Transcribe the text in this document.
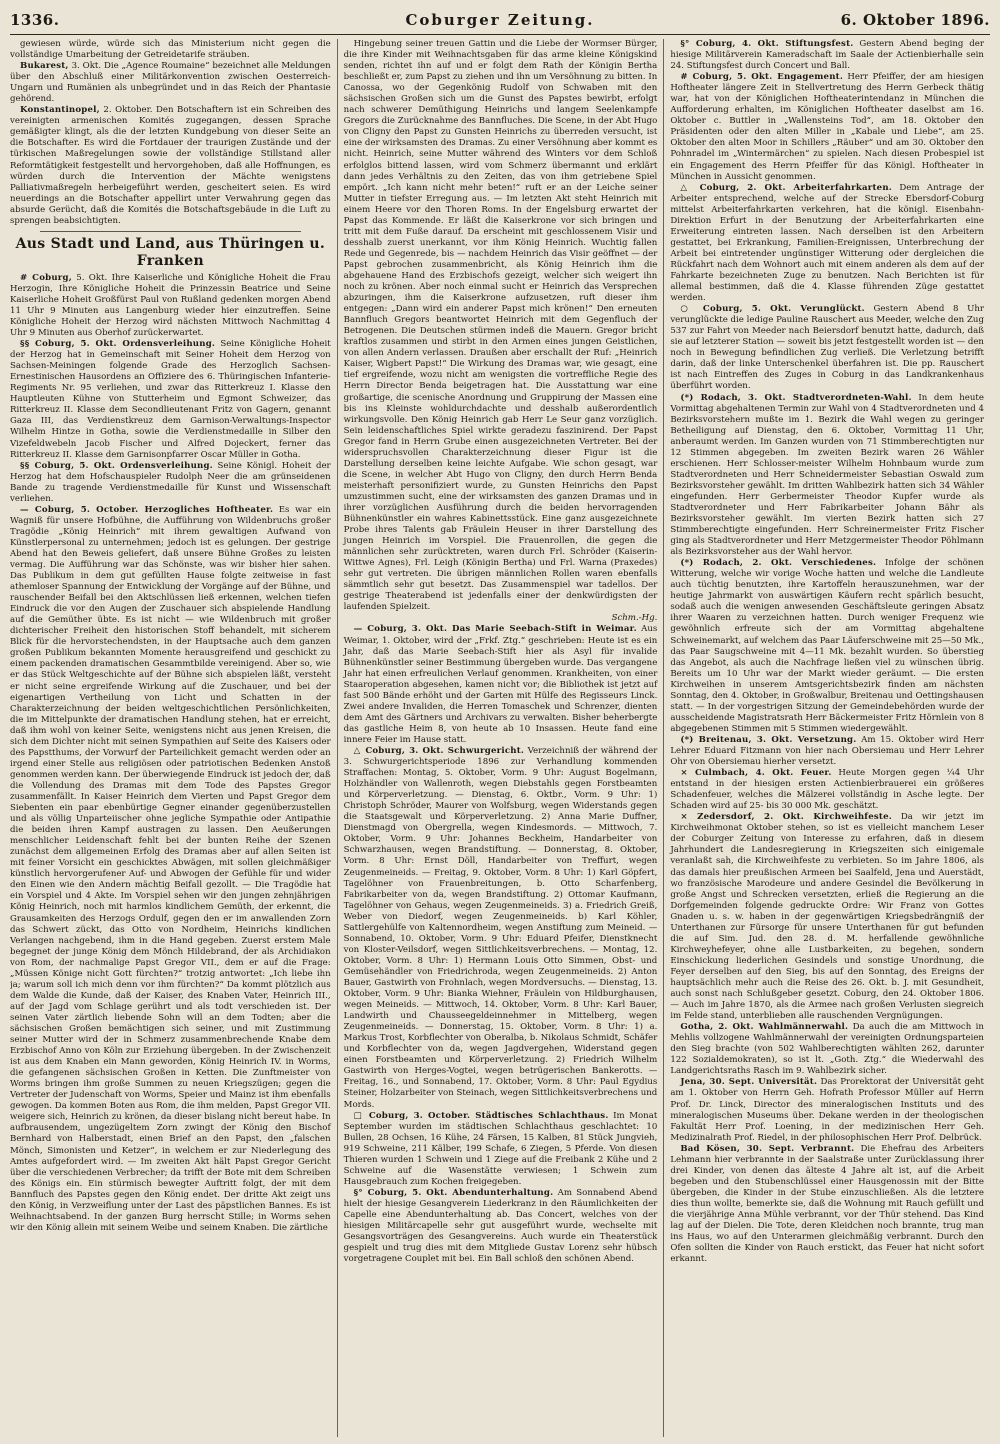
1336.	Coburger Zeitung.	6. Oktober 1896.

gewiesen würde, würde sich das Ministerium nicht gegen die vollständige Umarbeitung der Getreidetarife sträuben.

Bukarest, 3. Okt. Die „Agence Roumaine“ bezeichnet alle Meldungen über den Abschluß einer Militärkonvention zwischen Oesterreich-Ungarn und Rumänien als unbegründet und in das Reich der Phantasie gehörend.

Konstantinopel, 2. Oktober. Den Botschaftern ist ein Schreiben des vereinigten armenischen Komités zugegangen, dessen Sprache gemäßigter klingt, als die der letzten Kundgebung von dieser Seite an die Botschafter. Es wird die Fortdauer der traurigen Zustände und der türkischen Maßregelungen sowie der vollständige Stillstand aller Reformtätigkeit festgestellt und hervorgehoben, daß alle Hoffnungen, es würden durch die Intervention der Mächte wenigstens Palliativmaßregeln herbeigeführt werden, gescheitert seien. Es wird neuerdings an die Botschafter appellirt unter Verwahrung gegen das absurde Gerücht, daß die Komités die Botschaftsgebäude in die Luft zu sprengen beabsichtigten.

Aus Stadt und Land, aus Thüringen u. Franken

# Coburg, 5. Okt. Ihre Kaiserliche und Königliche Hoheit die Frau Herzogin, Ihre Königliche Hoheit die Prinzessin Beatrice und Seine Kaiserliche Hoheit Großfürst Paul von Rußland gedenken morgen Abend 11 Uhr 9 Minuten aus Langenburg wieder hier einzutreffen. Seine Königliche Hoheit der Herzog wird nächsten Mittwoch Nachmittag 4 Uhr 9 Minuten aus Oberhof zurückerwartet.

§§ Coburg, 5. Okt. Ordensverleihung. Seine Königliche Hoheit der Herzog hat in Gemeinschaft mit Seiner Hoheit dem Herzog von Sachsen-Meiningen folgende Grade des Herzoglich Sachsen-Ernestinischen Hausordens an Offiziere des 6. Thüringischen Infanterie-Regiments Nr. 95 verliehen, und zwar das Ritterkreuz I. Klasse den Hauptleuten Kühne von Stutterheim und Egmont Schweizer, das Ritterkreuz II. Klasse dem Secondlieutenant Fritz von Gagern, genannt Gaza III, das Verdienstkreuz dem Garnison-Verwaltungs-Inspector Wilhelm Hintze in Gotha, sowie die Verdienstmedaille in Silber den Vizefeldwebeln Jacob Fischer und Alfred Dojeckert, ferner das Ritterkreuz II. Klasse dem Garnisonpfarrer Oscar Müller in Gotha.

§§ Coburg, 5. Okt. Ordensverleihung. Seine Königl. Hoheit der Herzog hat dem Hofschauspieler Rudolph Neer die am grünseidenen Bande zu tragende Verdienstmedaille für Kunst und Wissenschaft verliehen.

— Coburg, 5. October. Herzogliches Hoftheater. Es war ein Wagniß für unsere Hofbühne, die Aufführung von Wildenbruchs großer Tragödie „König Heinrich“ mit ihrem gewaltigen Aufwand von Künstlerpersonal zu unternehmen; jedoch ist es gelungen. Der gestrige Abend hat den Beweis geliefert, daß unsere Bühne Großes zu leisten vermag. Die Aufführung war das Schönste, was wir bisher hier sahen. Das Publikum in dem gut gefüllten Hause folgte zeitweise in fast athemloser Spannung der Entwicklung der Vorgänge auf der Bühne, und rauschender Beifall bei den Aktschlüssen ließ erkennen, welchen tiefen Eindruck die vor den Augen der Zuschauer sich abspielende Handlung auf die Gemüther übte. Es ist nicht — wie Wildenbruch mit großer dichterischer Freiheit den historischen Stoff behandelt, mit sicherem Blick für die hervorstechendsten, in der Hauptsache auch dem ganzen großen Publikum bekannten Momente herausgreifend und geschickt zu einem packenden dramatischen Gesammtbilde vereinigend. Aber so, wie er das Stück Weltgeschichte auf der Bühne sich abspielen läßt, versteht er nicht seine ergreifende Wirkung auf die Zuschauer, und bei der eigenartigen Vertheilung von Licht und Schatten in der Charakterzeichnung der beiden weltgeschichtlichen Persönlichkeiten, die im Mittelpunkte der dramatischen Handlung stehen, hat er erreicht, daß ihm wohl von keiner Seite, wenigstens nicht aus jenen Kreisen, die sich dem Dichter nicht mit seinen Sympathien auf Seite des Kaisers oder des Papstthums, der Vorwurf der Parteilichkeit gemacht werden oder an irgend einer Stelle aus religiösen oder patriotischen Bedenken Anstoß genommen werden kann. Der überwiegende Eindruck ist jedoch der, daß die Vollendung des Dramas mit dem Tode des Papstes Gregor zusammenfällt. In Kaiser Heinrich dem Vierten und Papst Gregor dem Siebenten ein paar ebenbürtige Gegner einander gegenüberzustellen und als völlig Unparteiischer ohne jegliche Sympathie oder Antipathie die beiden ihren Kampf austragen zu lassen. Den Aeußerungen menschlicher Leidenschaft fehlt bei der bunten Reihe der Szenen zunächst dem allgemeinen Erfolg des Dramas aber auf allen Seiten ist mit feiner Vorsicht ein geschicktes Abwägen, mit sollen gleichmäßiger künstlich hervorgerufener Auf- und Abwogen der Gefühle für und wider den Einen wie den Andern mächtig Beifall gezollt. — Die Tragödie hat ein Vorspiel und 4 Akte. Im Vorspiel sehen wir den jungen zehnjährigen König Heinrich, noch mit harmlos kindlichem Gemüth, der erkennt, die Grausamkeiten des Herzogs Ordulf, gegen den er im anwallenden Zorn das Schwert zückt, das Otto von Nordheim, Heinrichs kindlichen Verlangen nachgebend, ihm in die Hand gegeben. Zuerst erstem Male begegnet der junge König dem Mönch Hildebrand, der als Archidiakon von Rom, der nachmalige Papst Gregor VII., dem er auf die Frage: „Müssen Könige nicht Gott fürchten?“ trotzig antwortet: „Ich liebe ihn ja; warum soll ich mich denn vor ihm fürchten?“ Da kommt plötzlich aus dem Walde die Kunde, daß der Kaiser, des Knaben Vater, Heinrich III., auf der Jagd vom Schlage gerührt und als todt verschieden ist. Der seinen Vater zärtlich liebende Sohn will an dem Todten; aber die sächsischen Großen bemächtigen sich seiner, und mit Zustimmung seiner Mutter wird der in Schmerz zusammenbrechende Knabe dem Erzbischof Anno von Köln zur Erziehung übergeben. In der Zwischenzeit ist aus dem Knaben ein Mann geworden, König Heinrich IV. in Worms, die gefangenen sächsischen Großen in Ketten. Die Zunftmeister von Worms bringen ihm große Summen zu neuen Kriegszügen; gegen die Vertreter der Judenschaft von Worms, Speier und Mainz ist ihm ebenfalls gewogen. Da kommen Boten aus Rom, die ihm melden, Papst Gregor VII. weigere sich, Heinrich zu krönen, da dieser bislang nicht bereut habe. In aufbrausendem, ungezügeltem Zorn zwingt der König den Bischof Bernhard von Halberstadt, einen Brief an den Papst, den „falschen Mönch, Simonisten und Ketzer“, in welchem er zur Niederlegung des Amtes aufgefordert wird. — Im zweiten Akt hält Papst Gregor Gericht über die verschiedenen Verbrecher; da trifft der Bote mit dem Schreiben des Königs ein. Ein stürmisch bewegter Auftritt folgt, der mit dem Bannfluch des Papstes gegen den König endet. Der dritte Akt zeigt uns den König, in Verzweiflung unter der Last des päpstlichen Bannes. Es ist Weihnachtsabend. In der ganzen Burg herrscht Stille; in Worms sehen wir den König allein mit seinem Weibe und seinem Knaben. Die zärtliche

Hingebung seiner treuen Gattin und die Liebe der Wormser Bürger, die ihre Kinder mit Weihnachtsgaben für das arme kleine Königskind senden, richtet ihn auf und er folgt dem Rath der Königin Bertha beschließt er, zum Papst zu ziehen und ihn um Versöhnung zu bitten. In Canossa, wo der Gegenkönig Rudolf von Schwaben mit den sächsischen Großen sich um die Gunst des Papstes bewirbt, erfolgt nach schwerer Demüthigung Heinrichs und langem Seelenkampfe Gregors die Zurücknahme des Bannfluches. Die Scene, in der Abt Hugo von Cligny den Papst zu Gunsten Heinrichs zu überreden versucht, ist eine der wirksamsten des Dramas. Zu einer Versöhnung aber kommt es nicht. Heinrich, seine Mutter während des Winters vor dem Schloß erfolglos bittend lassen, wird vom Schmerz übermannt und erklärt dann jedes Verhältnis zu den Zeiten, das von ihm getriebene Spiel empört. „Ich kann nicht mehr beten!“ ruft er an der Leiche seiner Mutter in tiefster Erregung aus. — Im letzten Akt steht Heinrich mit einem Heere vor den Thoren Roms. In der Engelsburg erwartet der Papst das Kommende. Er läßt die Kaiserkrone vor sich bringen und tritt mit dem Fuße darauf. Da erscheint mit geschlossenem Visir und desshalb zuerst unerkannt, vor ihm König Heinrich. Wuchtig fallen Rede und Gegenrede, bis — nachdem Heinrich das Visir geöffnet — der Papst gebrochen zusammenbricht, als König Heinrich ihm die abgehauene Hand des Erzbischofs gezeigt, welcher sich weigert ihn noch zu krönen. Aber noch einmal sucht er Heinrich das Versprechen abzuringen, ihm die Kaiserkrone aufzusetzen, ruft dieser ihm entgegen: „Dann wird ein anderer Papst mich krönen!“ Den erneuten Bannfluch Gregors beantwortet Heinrich mit dem Gegenfluch der Betrogenen. Die Deutschen stürmen indeß die Mauern. Gregor bricht kraftlos zusammen und stirbt in den Armen eines jungen Geistlichen, von allen Andern verlassen. Draußen aber erschallt der Ruf: „Heinrich Kaiser, Wigbert Papst!“ Die Wirkung des Dramas war, wie gesagt, eine tief ergreifende, wozu nicht am wenigsten die vortreffliche Regie des Herrn Director Benda beigetragen hat. Die Ausstattung war eine großartige, die scenische Anordnung und Gruppirung der Massen eine bis ins Kleinste wohldurchdachte und desshalb außerordentlich wirkungsvolle. Den König Heinrich gab Herr Le Seur ganz vorzüglich. Sein leidenschaftliches Spiel wirkte geradezu faszinirend. Der Papst Gregor fand in Herrn Grube einen ausgezeichneten Vertreter. Bei der widerspruchsvollen Charakterzeichnung dieser Figur ist die Darstellung derselben keine leichte Aufgabe. Wie schon gesagt, war die Scene, in welcher Abt Hugo von Cligny, den durch Herrn Benda meisterhaft personifiziert wurde, zu Gunsten Heinrichs den Papst umzustimmen sucht, eine der wirksamsten des ganzen Dramas und in ihrer vorzüglichen Ausführung durch die beiden hervorragenden Bühnenkünstler ein wahres Kabinettsstück. Eine ganz ausgezeichnete Probe ihres Talents gab Fräulein Heuser in ihrer Darstellung des jungen Heinrich im Vorspiel. Die Frauenrollen, die gegen die männlichen sehr zurücktreten, waren durch Frl. Schröder (Kaiserin-Wittwe Agnes), Frl. Leigh (Königin Bertha) und Frl. Warna (Praxedes) sehr gut vertreten. Die übrigen männlichen Rollen waren ebenfalls sämmtlich sehr gut besetzt. Das Zusammenspiel war tadellos. Der gestrige Theaterabend ist jedenfalls einer der denkwürdigsten der laufenden Spielzeit.

Schm.-Hg.

— Coburg, 3. Okt. Das Marie Seebach-Stift in Weimar. Aus Weimar, 1. Oktober, wird der „Frkf. Ztg.“ geschrieben: Heute ist es ein Jahr, daß das Marie Seebach-Stift hier als Asyl für invalide Bühnenkünstler seiner Bestimmung übergeben wurde. Das vergangene Jahr hat einen erfreulichen Verlauf genommen. Krankheiten, von einer Staaroperation abgesehen, kamen nicht vor; die Bibliothek ist jetzt auf fast 500 Bände erhöht und der Garten mit Hülfe des Regisseurs Linck. Zwei andere Invaliden, die Herren Tomaschek und Schrenzer, dienten dem Amt des Gärtners und Archivars zu verwalten. Bisher beherbergte das gastliche Heim 8, von heute ab 10 Insassen. Heute fand eine innere Feier im Hause statt.

△ Coburg, 3. Okt. Schwurgericht. Verzeichniß der während der 3. Schwurgerichtsperiode 1896 zur Verhandlung kommenden Straffachen: Montag, 5. Oktober, Vorm. 9 Uhr: August Bogelmann, Holzhändler von Wallenroth, wegen Diebstahls gegen Forstbeamten und Körperverletzung. — Dienstag, 6. Oktbr., Vorm. 9 Uhr: 1) Christoph Schröder, Maurer von Wolfsburg, wegen Widerstands gegen die Staatsgewalt und Körperverletzung. 2) Anna Marie Duffner, Dienstmagd von Obergrella, wegen Kindesmords. — Mittwoch, 7. Oktober, Vorm. 9 Uhr: Johannes Beckheim, Handarbeiter von Schwarzhausen, wegen Brandstiftung. — Donnerstag, 8. Oktober, Vorm. 8 Uhr: Ernst Döll, Handarbeiter von Treffurt, wegen Zeugenmeineids. — Freitag, 9. Oktober, Vorm. 8 Uhr: 1) Karl Göpfert, Tagelöhner von Frauenbreitungen, b. Otto Scharfenberg, Fabrikarbeiter von da, wegen Brandstiftung. 2) Ottomar Kaufmann, Tagelöhner von Gehaus, wegen Zeugenmeineids. 3) a. Friedrich Greiß, Weber von Diedorf, wegen Zeugenmeineids. b) Karl Köhler, Sattlergehülfe von Kaltennordheim, wegen Anstiftung zum Meineid. — Sonnabend, 10. Oktober, Vorm. 9 Uhr: Eduard Pfeifer, Dienstknecht von Kloster-Veilsdorf, wegen Sittlichkeitsverbrechens. — Montag, 12. Oktober, Vorm. 8 Uhr: 1) Hermann Louis Otto Simmen, Obst- und Gemüsehändler von Friedrichroda, wegen Zeugenmeineids. 2) Anton Bauer, Gastwirth von Frohnlach, wegen Mordversuchs. — Dienstag, 13. Oktober, Vorm. 9 Uhr: Bianka Wiehner, Fräulein von Hildburghausen, wegen Meineids. — Mittwoch, 14. Oktober, Vorm. 8 Uhr: Karl Bauer, Landwirth und Chausseegeldeinnehmer in Mittelberg, wegen Zeugenmeineids. — Donnerstag, 15. Oktober, Vorm. 8 Uhr: 1) a. Markus Trost, Korbflechter von Oberalba, b. Nikolaus Schmidt, Schäfer und Korbflechter von da, wegen Jagdvergehen, Widerstand gegen einen Forstbeamten und Körperverletzung. 2) Friedrich Wilhelm Gastwirth von Herges-Vogtei, wegen betrügerischen Bankerotts. — Freitag, 16., und Sonnabend, 17. Oktober, Vorm. 8 Uhr: Paul Egydius Steiner, Holzarbeiter von Steinach, wegen Sittlichkeitsverbrechens und Mords.

□ Coburg, 3. October. Städtisches Schlachthaus. Im Monat September wurden im städtischen Schlachthaus geschlachtet: 10 Bullen, 28 Ochsen, 16 Kühe, 24 Färsen, 15 Kalben, 81 Stück Jungvieh, 919 Schweine, 211 Kälber, 199 Schafe, 6 Ziegen, 5 Pferde. Von diesen Thieren wurden 1 Schwein und 1 Ziege auf die Freibank 2 Kühe und 2 Schweine auf die Wasenstätte verwiesen; 1 Schwein zum Hausgebrauch zum Kochen freigegeben.

§° Coburg, 5. Okt. Abendunterhaltung. Am Sonnabend Abend hielt der hiesige Gesangverein Liederkranz in den Räumlichkeiten der Capelle eine Abendunterhaltung ab. Das Concert, welches von der hiesigen Militärcapelle sehr gut ausgeführt wurde, wechselte mit Gesangsvorträgen des Gesangvereins. Auch wurde ein Theaterstück gespielt und trug dies mit dem Mitgliede Gustav Lorenz sehr hübsch vorgetragene Couplet mit bei. Ein Ball schloß den schönen Abend.

§° Coburg, 4. Okt. Stiftungsfest. Gestern Abend beging der hiesige Militärverein Kameradschaft im Saale der Actienbierhalle sein 24. Stiftungsfest durch Concert und Ball.

# Coburg, 5. Okt. Engagement. Herr Pfeiffer, der am hiesigen Hoftheater längere Zeit in Stellvertretung des Herrn Gerbeck thätig war, hat von der Königlichen Hoftheaterintendanz in München die Aufforderung erhalten, im Königlichen Hoftheater daselbst am 16. Oktober c. Buttler in „Wallensteins Tod“, am 18. Oktober den Präsidenten oder den alten Miller in „Kabale und Liebe“, am 25. Oktober den alten Moor in Schillers „Räuber“ und am 30. Oktober den Pohnradel im „Wintermärchen“ zu spielen. Nach diesen Probespiel ist ein Engagement des Herrn Pfeiffer für das Königl. Hoftheater in München in Aussicht genommen.

△ Coburg, 2. Okt. Arbeiterfahrkarten. Dem Antrage der Arbeiter entsprechend, welche auf der Strecke Ebersdorf-Coburg mittelst Arbeiterfahrkarten verkehren, hat die königl. Eisenbahn-Direktion Erfurt in der Benutzung der Arbeiterfahrkarten eine Erweiterung eintreten lassen. Nach derselben ist den Arbeitern gestattet, bei Erkrankung, Familien-Ereignissen, Unterbrechung der Arbeit bei eintretender ungünstiger Witterung oder dergleichen die Rückfahrt nach dem Wohnort auch mit einem anderen als dem auf der Fahrkarte bezeichneten Zuge zu benutzen. Nach Berichten ist für allemal bestimmen, daß die 4. Klasse führenden Züge gestattet werden.

○ Coburg, 5. Okt. Verunglückt. Gestern Abend 8 Uhr verunglückte die ledige Pauline Rauschert aus Meeder, welche den Zug 537 zur Fahrt von Meeder nach Beiersdorf benutzt hatte, dadurch, daß sie auf letzterer Station — soweit bis jetzt festgestellt worden ist — den noch in Bewegung befindlichen Zug verließ. Die Verletzung betrifft darin, daß der linke Unterschenkel überfahren ist. Die pp. Rauschert ist nach Eintreffen des Zuges in Coburg in das Landkrankenhaus überführt worden.

(*) Rodach, 3. Okt. Stadtverordneten-Wahl. In dem heute Vormittag abgehaltenen Termin zur Wahl von 4 Stadtverordneten und 4 Bezirksvorstehern mußte im 1. Bezirk die Wahl wegen zu geringer Betheiligung auf Dienstag, den 6. Oktober, Vormittag 11 Uhr, anberaumt werden. Im Ganzen wurden von 71 Stimmberechtigten nur 12 Stimmen abgegeben. Im zweiten Bezirk waren 26 Wähler erschienen. Herr Schlosser-meister Wilhelm Hohnbaum wurde zum Stadtverordneten und Herr Schneidermeister Sebastian Oswald zum Bezirksvorsteher gewählt. Im dritten Wahlbezirk hatten sich 34 Wähler eingefunden. Herr Gerbermeister Theodor Kupfer wurde als Stadtverordneter und Herr Fabrikarbeiter Johann Bähr als Bezirksvorsteher gewählt. Im vierten Bezirk hatten sich 27 Stimmberechtigte eingefunden. Herr Schreinermeister Fritz Fischer ging als Stadtverordneter und Herr Metzgermeister Theodor Pöhlmann als Bezirksvorsteher aus der Wahl hervor.

(*) Rodach, 2. Okt. Verschiedenes. Infolge der schönen Witterung, welche wir vorige Woche hatten und welche die Landleute auch tüchtig benutzten, ihre Kartoffeln herauszunehmen, war der heutige Jahrmarkt von auswärtigen Käufern recht spärlich besucht, sodaß auch die wenigen anwesenden Geschäftsleute geringen Absatz ihrer Waaren zu verzeichnen hatten. Durch weniger Frequenz wie gewöhnlich erfreute sich der am Vormittag abgehaltene Schweinemarkt, auf welchem das Paar Läuferschweine mit 25—50 Mk., das Paar Saugschweine mit 4—11 Mk. bezahlt wurden. So überstieg das Angebot, als auch die Nachfrage ließen viel zu wünschen übrig. Bereits um 10 Uhr war der Markt wieder geräumt. — Die ersten Kirchweihen in unserem Amtsgerichtsbezirk finden am nächsten Sonntag, den 4. Oktober, in Großwalbur, Breitenau und Oettingshausen statt. — In der vorgestrigen Sitzung der Gemeindebehörden wurde der ausscheidende Magistratsrath Herr Bäckermeister Fritz Hörnlein von 8 abgegebenen Stimmen mit 5 Stimmen wiedergewählt.

(*) Breitenau, 3. Okt. Versetzung. Am 15. Oktober wird Herr Lehrer Eduard Fitzmann von hier nach Obersiemau und Herr Lehrer Ohr von Obersiemau hierher versetzt.

× Culmbach, 4. Okt. Feuer. Heute Morgen gegen ¼4 Uhr entstand in der hiesigen ersten Actienbierbrauerei ein größeres Schadenfeuer, welches die Mälzerei vollständig in Asche legte. Der Schaden wird auf 25- bis 30 000 Mk. geschätzt.

× Zedersdorf, 2. Okt. Kirchweihfeste. Da wir jetzt im Kirchweihmonat Oktober stehen, so ist es vielleicht manchem Leser der Coburger Zeitung von Interesse zu erfahren, daß in diesem Jahrhundert die Landesregierung in Kriegszeiten sich einigemale veranlaßt sah, die Kirchweihfeste zu verbieten. So im Jahre 1806, als das damals hier preußischen Armeen bei Saalfeld, Jena und Auerstädt, wo französische Marodeure und andere Gesindel die Bevölkerung in große Angst und Schrecken versetzten, erließ die Regierung an die Dorfgemeinden folgende gedruckte Ordre: Wir Franz von Gottes Gnaden u. s. w. haben in der gegenwärtigen Kriegsbedrängniß der Unterthanen zur Fürsorge für unsere Unterthanen für gut befunden die auf Sim. Jud. den 28. d. M. herfallende gewöhnliche Kirchweyhefeyer, ohne alle Lustbarkeiten, zu begehen, sondern Einschickung liederlichen Gesindels und sonstige Unordnung, die Feyer derselben auf den Sieg, bis auf den Sonntag, des Ereigns der hauptsächlich mehr auch die Reise des 26. Okt. b. J. mit Gesundheit, auch sonst nach Schlußgeber gesetzt. Coburg, den 24. Oktober 1806. — Auch im Jahre 1870, als die Armee nach großen Verlusten siegreich im Felde stand, unterblieben alle rauschenden Vergnügungen.

Gotha, 2. Okt. Wahlmännerwahl. Da auch die am Mittwoch in Mehlis vollzogene Wahlmännerwahl der vereinigten Ordnungsparteien den Sieg brachte (von 502 Wahlberechtigten wählten 262, darunter 122 Sozialdemokraten), so ist lt. „Goth. Ztg.“ die Wiederwahl des Landgerichtsraths Rasch im 9. Wahlbezirk sicher.

Jena, 30. Sept. Universität. Das Prorektorat der Universität geht am 1. Oktober von Herrn Geh. Hofrath Professor Müller auf Herrn Prof. Dr. Linck, Director des mineralogischen Instituts und des mineralogischen Museums über. Dekane werden in der theologischen Fakultät Herr Prof. Loening, in der medizinischen Herr Geh. Medizinalrath Prof. Riedel, in der philosophischen Herr Prof. Delbrück.

Bad Kösen, 30. Sept. Verbrannt. Die Ehefrau des Arbeiters Lehmann hier verbrannte in der Saalstraße unter Zurücklassung ihrer drei Kinder, von denen das älteste 4 Jahre alt ist, auf die Arbeit begeben und den Stubenschlüssel einer Hausgenossin mit der Bitte übergeben, die Kinder in der Stube einzuschließen. Als die letztere dies thun wollte, bemerkte sie, daß die Wohnung mit Rauch gefüllt und die vierjährige Anna Mühle verbrannt, vor der Thür stehend. Das Kind lag auf der Dielen. Die Tote, deren Kleidchen noch brannte, trug man ins Haus, wo auf den Unterarmen gleichmäßig verbrannt. Durch den Ofen sollten die Kinder von Rauch erstickt, das Feuer hat nicht sofort erkannt.
